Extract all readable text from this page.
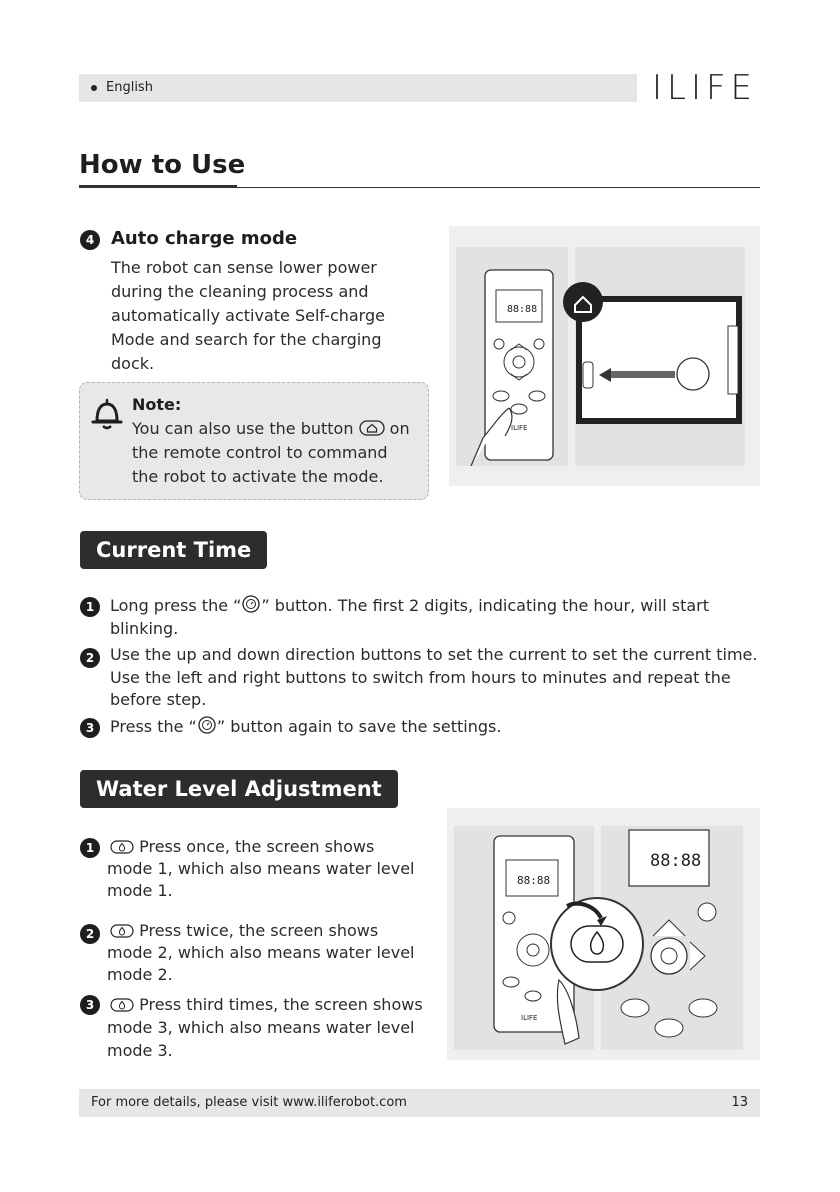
English	ILIFE
How to Use
4 Auto charge mode
The robot can sense lower power
during the cleaning process and
automatically activate Self-charge
Mode and search for the charging
dock.
Note:
You can also use the button on
the remote control to command
the robot to activate the mode.
88:88
ILIFE
Current Time
1 Long press the “ ” button. The first 2 digits, indicating the hour, will start
blinking.
2 Use the up and down direction buttons to set the current to set the current time.
Use the left and right buttons to switch from hours to minutes and repeat the
before step.
3 Press the “ ” button again to save the settings.
Water Level Adjustment
1	Press once, the screen shows
mode 1, which also means water level
mode 1.
2	Press twice, the screen shows
mode 2, which also means water level
mode 2.
3	Press third times, the screen shows
mode 3, which also means water level
mode 3.
88:88
ILIFE
88:88
For more details, please visit www.iliferobot.com	13
